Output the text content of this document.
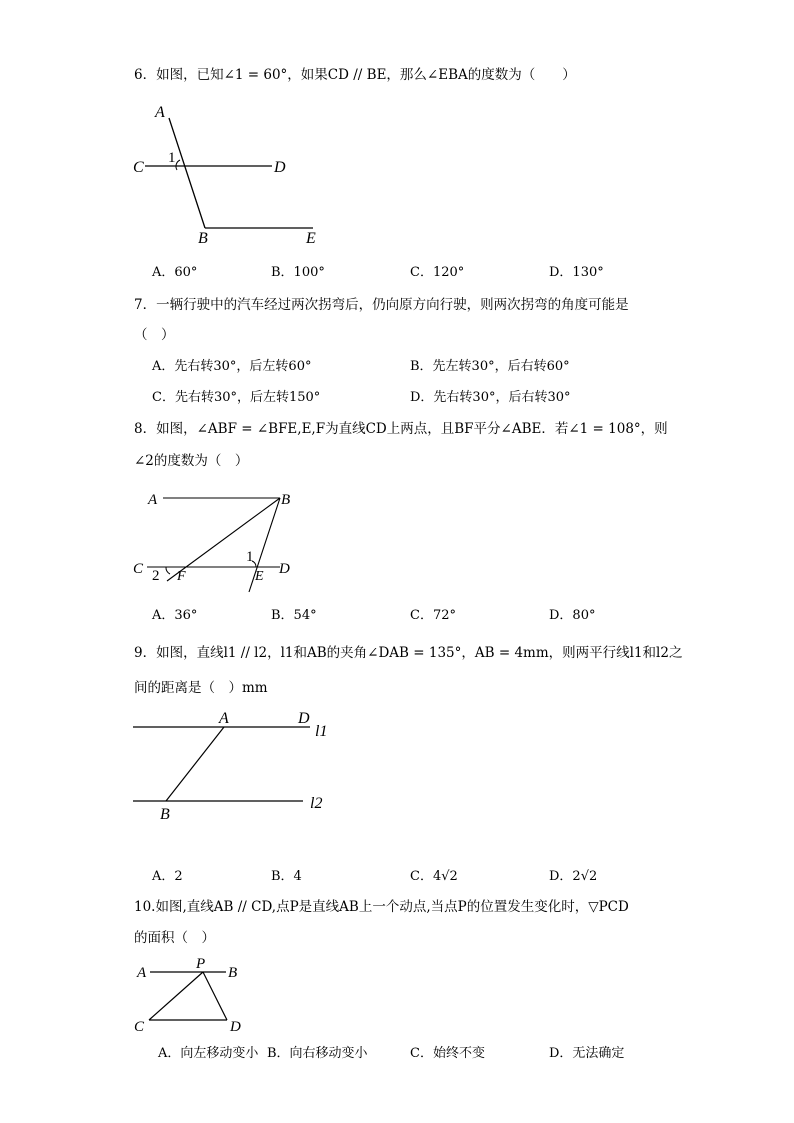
6．如图，已知∠1 = 60°，如果CD // BE，那么∠EBA的度数为（　　）
A
C
1
D
B	E
A．60°	B．100°	C．120°	D．130°
7．一辆行驶中的汽车经过两次拐弯后，仍向原方向行驶，则两次拐弯的角度可能是
（　）
A．先右转30°，后左转60°	B．先左转30°，后右转60°
C．先右转30°，后左转150°	D．先右转30°，后右转30°
8．如图，∠ABF = ∠BFE,E,F为直线CD上两点，且BF平分∠ABE．若∠1 = 108°，则
∠2的度数为（　）
A	B
C 2 F
1
E D
A．36°	B．54°	C．72°	D．80°
9．如图，直线l1 // l2，l1和AB的夹角∠DAB = 135°，AB = 4mm，则两平行线l1和l2之
间的距离是（　）mm
A	D
l1
B
l2
A．2	B．4	C．4√2	D．2√2
10.如图,直线AB // CD,点P是直线AB上一个动点,当点P的位置发生变化时，▽PCD
的面积（　）
A
P
B
C	D
A．向左移动变小 B．向右移动变小	C．始终不变	D．无法确定
